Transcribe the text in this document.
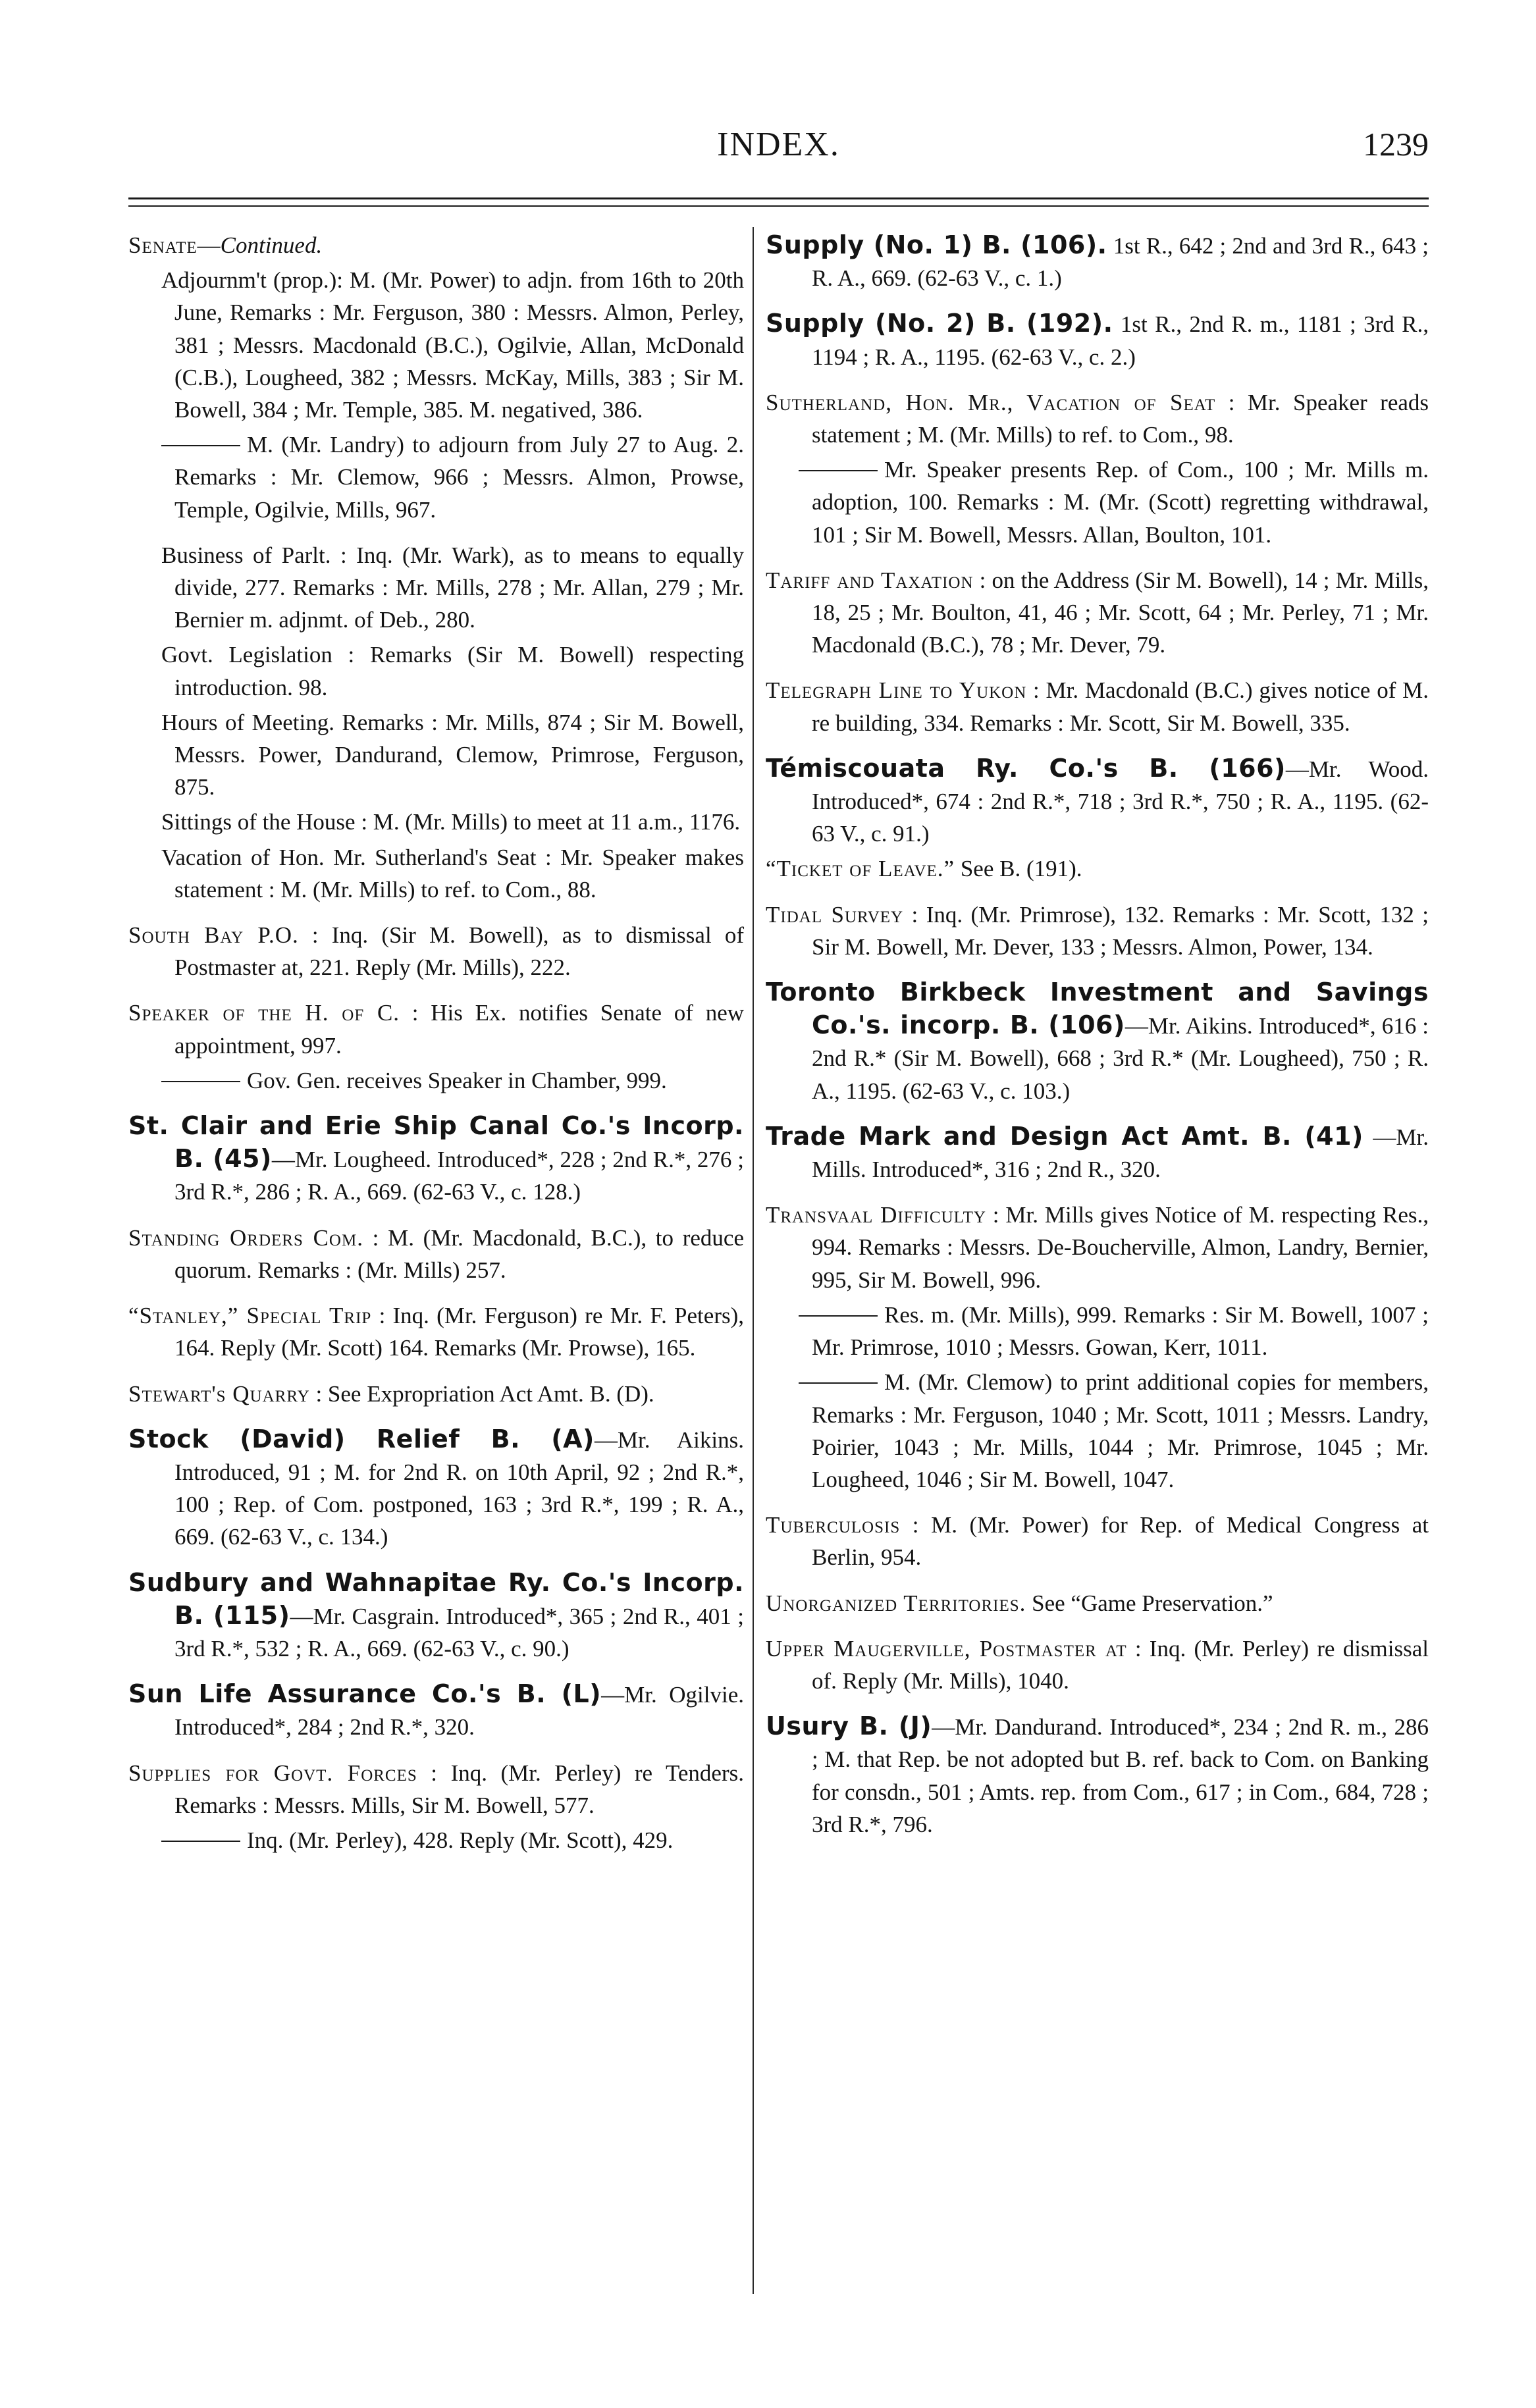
INDEX.	1239
Senate—Continued.
Adjournm't (prop.): M. (Mr. Power) to adjn. from 16th to 20th June, Remarks : Mr. Ferguson, 380 : Messrs. Almon, Perley, 381 ; Messrs. Macdonald (B.C.), Ogilvie, Allan, McDonald (C.B.), Lougheed, 382 ; Messrs. McKay, Mills, 383 ; Sir M. Bowell, 384 ; Mr. Temple, 385. M. negatived, 386.
M. (Mr. Landry) to adjourn from July 27 to Aug. 2. Remarks : Mr. Clemow, 966 ; Messrs. Almon, Prowse, Temple, Ogilvie, Mills, 967.
Business of Parlt. : Inq. (Mr. Wark), as to means to equally divide, 277. Remarks : Mr. Mills, 278 ; Mr. Allan, 279 ; Mr. Bernier m. adjnmt. of Deb., 280.
Govt. Legislation : Remarks (Sir M. Bowell) respecting introduction. 98.
Hours of Meeting. Remarks : Mr. Mills, 874 ; Sir M. Bowell, Messrs. Power, Dandurand, Clemow, Primrose, Ferguson, 875.
Sittings of the House : M. (Mr. Mills) to meet at 11 a.m., 1176.
Vacation of Hon. Mr. Sutherland's Seat : Mr. Speaker makes statement : M. (Mr. Mills) to ref. to Com., 88.
South Bay P.O. : Inq. (Sir M. Bowell), as to dismissal of Postmaster at, 221. Reply (Mr. Mills), 222.
Speaker of the H. of C. : His Ex. notifies Senate of new appointment, 997.
Gov. Gen. receives Speaker in Chamber, 999.
St. Clair and Erie Ship Canal Co.'s Incorp. B. (45)—Mr. Lougheed. Introduced*, 228 ; 2nd R.*, 276 ; 3rd R.*, 286 ; R. A., 669. (62-63 V., c. 128.)
Standing Orders Com. : M. (Mr. Macdonald, B.C.), to reduce quorum. Remarks : (Mr. Mills) 257.
“Stanley,” Special Trip : Inq. (Mr. Ferguson) re Mr. F. Peters), 164. Reply (Mr. Scott) 164. Remarks (Mr. Prowse), 165.
Stewart's Quarry : See Expropriation Act Amt. B. (D).
Stock (David) Relief B. (A)—Mr. Aikins. Introduced, 91 ; M. for 2nd R. on 10th April, 92 ; 2nd R.*, 100 ; Rep. of Com. postponed, 163 ; 3rd R.*, 199 ; R. A., 669. (62-63 V., c. 134.)
Sudbury and Wahnapitae Ry. Co.'s Incorp. B. (115)—Mr. Casgrain. Introduced*, 365 ; 2nd R., 401 ; 3rd R.*, 532 ; R. A., 669. (62-63 V., c. 90.)
Sun Life Assurance Co.'s B. (L)—Mr. Ogilvie. Introduced*, 284 ; 2nd R.*, 320.
Supplies for Govt. Forces : Inq. (Mr. Perley) re Tenders. Remarks : Messrs. Mills, Sir M. Bowell, 577.
Inq. (Mr. Perley), 428. Reply (Mr. Scott), 429.
Supply (No. 1) B. (106). 1st R., 642 ; 2nd and 3rd R., 643 ; R. A., 669. (62-63 V., c. 1.)
Supply (No. 2) B. (192). 1st R., 2nd R. m., 1181 ; 3rd R., 1194 ; R. A., 1195. (62-63 V., c. 2.)
Sutherland, Hon. Mr., Vacation of Seat : Mr. Speaker reads statement ; M. (Mr. Mills) to ref. to Com., 98.
Mr. Speaker presents Rep. of Com., 100 ; Mr. Mills m. adoption, 100. Remarks : M. (Mr. (Scott) regretting withdrawal, 101 ; Sir M. Bowell, Messrs. Allan, Boulton, 101.
Tariff and Taxation : on the Address (Sir M. Bowell), 14 ; Mr. Mills, 18, 25 ; Mr. Boulton, 41, 46 ; Mr. Scott, 64 ; Mr. Perley, 71 ; Mr. Macdonald (B.C.), 78 ; Mr. Dever, 79.
Telegraph Line to Yukon : Mr. Macdonald (B.C.) gives notice of M. re building, 334. Remarks : Mr. Scott, Sir M. Bowell, 335.
Témiscouata Ry. Co.'s B. (166)—Mr. Wood. Introduced*, 674 : 2nd R.*, 718 ; 3rd R.*, 750 ; R. A., 1195. (62-63 V., c. 91.)
“Ticket of Leave.” See B. (191).
Tidal Survey : Inq. (Mr. Primrose), 132. Remarks : Mr. Scott, 132 ; Sir M. Bowell, Mr. Dever, 133 ; Messrs. Almon, Power, 134.
Toronto Birkbeck Investment and Savings Co.'s. incorp. B. (106)—Mr. Aikins. Introduced*, 616 : 2nd R.* (Sir M. Bowell), 668 ; 3rd R.* (Mr. Lougheed), 750 ; R. A., 1195. (62-63 V., c. 103.)
Trade Mark and Design Act Amt. B. (41) —Mr. Mills. Introduced*, 316 ; 2nd R., 320.
Transvaal Difficulty : Mr. Mills gives Notice of M. respecting Res., 994. Remarks : Messrs. De-Boucherville, Almon, Landry, Bernier, 995, Sir M. Bowell, 996.
Res. m. (Mr. Mills), 999. Remarks : Sir M. Bowell, 1007 ; Mr. Primrose, 1010 ; Messrs. Gowan, Kerr, 1011.
M. (Mr. Clemow) to print additional copies for members, Remarks : Mr. Ferguson, 1040 ; Mr. Scott, 1011 ; Messrs. Landry, Poirier, 1043 ; Mr. Mills, 1044 ; Mr. Primrose, 1045 ; Mr. Lougheed, 1046 ; Sir M. Bowell, 1047.
Tuberculosis : M. (Mr. Power) for Rep. of Medical Congress at Berlin, 954.
Unorganized Territories. See “Game Preservation.”
Upper Maugerville, Postmaster at : Inq. (Mr. Perley) re dismissal of. Reply (Mr. Mills), 1040.
Usury B. (J)—Mr. Dandurand. Introduced*, 234 ; 2nd R. m., 286 ; M. that Rep. be not adopted but B. ref. back to Com. on Banking for consdn., 501 ; Amts. rep. from Com., 617 ; in Com., 684, 728 ; 3rd R.*, 796.
